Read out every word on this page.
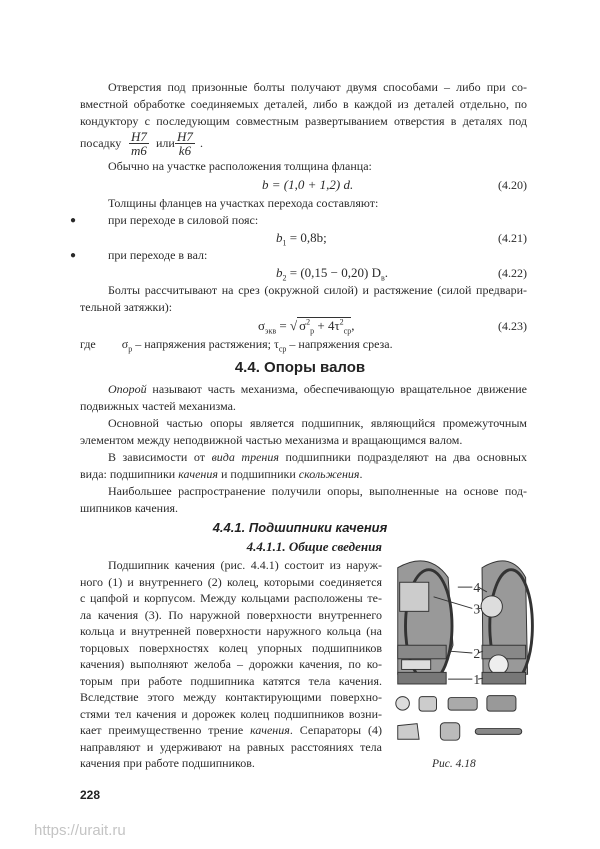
Отверстия под призонные болты получают двумя способами – либо при со-
вместной обработке соединяемых деталей, либо в каждой из деталей отдельно, по
кондуктору с последующим совместным развертыванием отверстия в деталях под
посадку $\frac{H7}{m6}$ или $\frac{H7}{k6}$ .
Обычно на участке расположения толщина фланца:
b = (1,0 + 1,2) d.	(4.20)
Толщины фланцев на участках перехода составляют:
●	при переходе в силовой пояс:
$b_1 = 0,8b$;	(4.21)
●	при переходе в вал:
$b_2 = (0,15 - 0,20)$ $D_в$.	(4.22)
Болты рассчитывают на срез (окружной силой) и растяжение (силой предвари-
тельной затяжки):
$\sigma_{экв}$ = √ $\sigma^2_р + 4\tau^2_{ср}$,	(4.23)
где $\sigma_р$ – напряжения растяжения; $\tau_{ср}$ – напряжения среза.
4.4. Опоры валов
Опорой называют часть механизма, обеспечивающую вращательное движение
подвижных частей механизма.
Основной частью опоры является подшипник, являющийся промежуточным
элементом между неподвижной частью механизма и вращающимся валом.
В зависимости от вида трения подшипники подразделяют на два основных
вида: подшипники качения и подшипники скольжения.
Наибольшее распространение получили опоры, выполненные на основе под-
шипников качения.
4.4.1. Подшипники качения
4.4.1.1. Общие сведения
Подшипник качения (рис. 4.4.1) состоит из наруж-
ного (1) и внутреннего (2) колец, которыми соединяется
с цапфой и корпусом. Между кольцами расположены те-
ла качения (3). По наружной поверхности внутреннего
кольца и внутренней поверхности наружного кольца (на
торцовых поверхностях колец упорных подшипников
качения) выполняют желоба – дорожки качения, по ко-
торым при работе подшипника катятся тела качения.
Вследствие этого между контактирующими поверхно-
стями тел качения и дорожек колец подшипников возни-
кает преимущественно трение качения. Сепараторы (4)
направляют и удерживают на равных расстояниях тела
качения при работе подшипников.
4
3
2
1
Рис. 4.18
228
https://urait.ru
